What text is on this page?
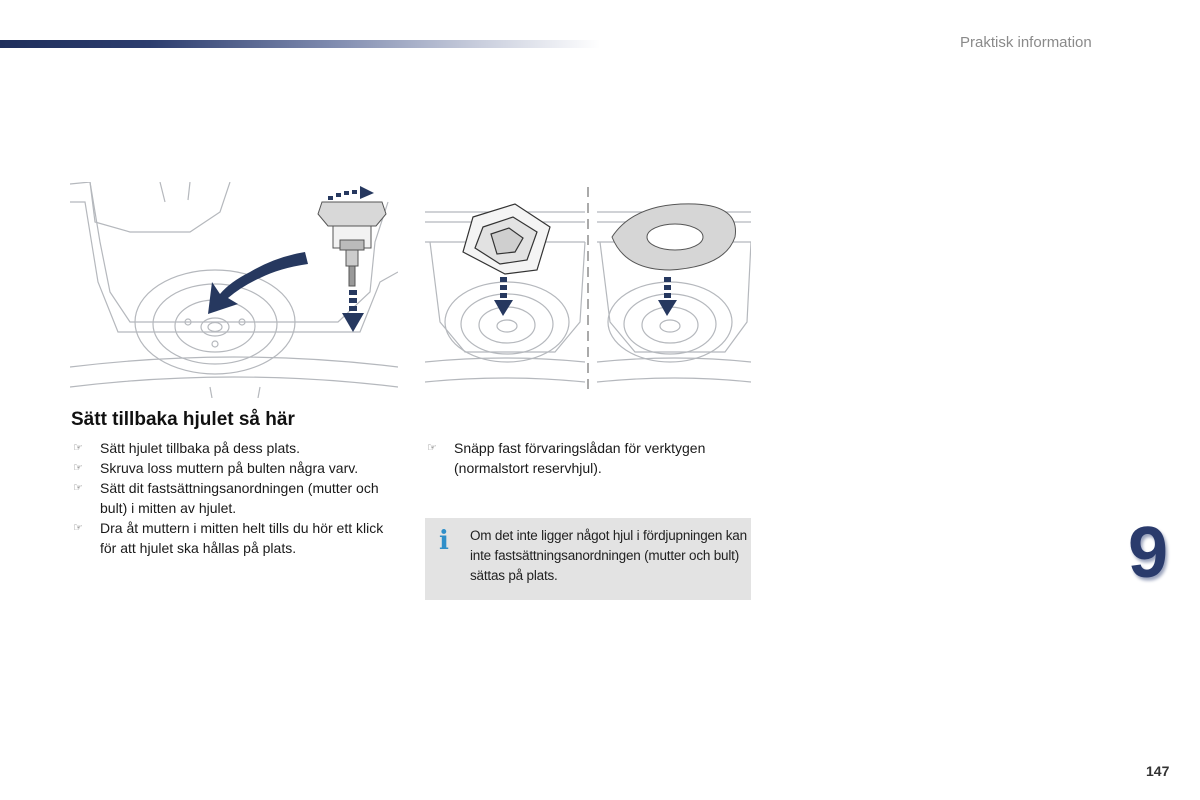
Praktisk information
Sätt tillbaka hjulet så här
☞ Sätt hjulet tillbaka på dess plats.
☞ Skruva loss muttern på bulten några varv.
☞ Sätt dit fastsättningsanordningen (mutter och bult) i mitten av hjulet.
☞ Dra åt muttern i mitten helt tills du hör ett klick för att hjulet ska hållas på plats.
☞ Snäpp fast förvaringslådan för verktygen (normalstort reservhjul).
i Om det inte ligger något hjul i fördjupningen kan inte fastsättningsanordningen (mutter och bult) sättas på plats.	9
147
